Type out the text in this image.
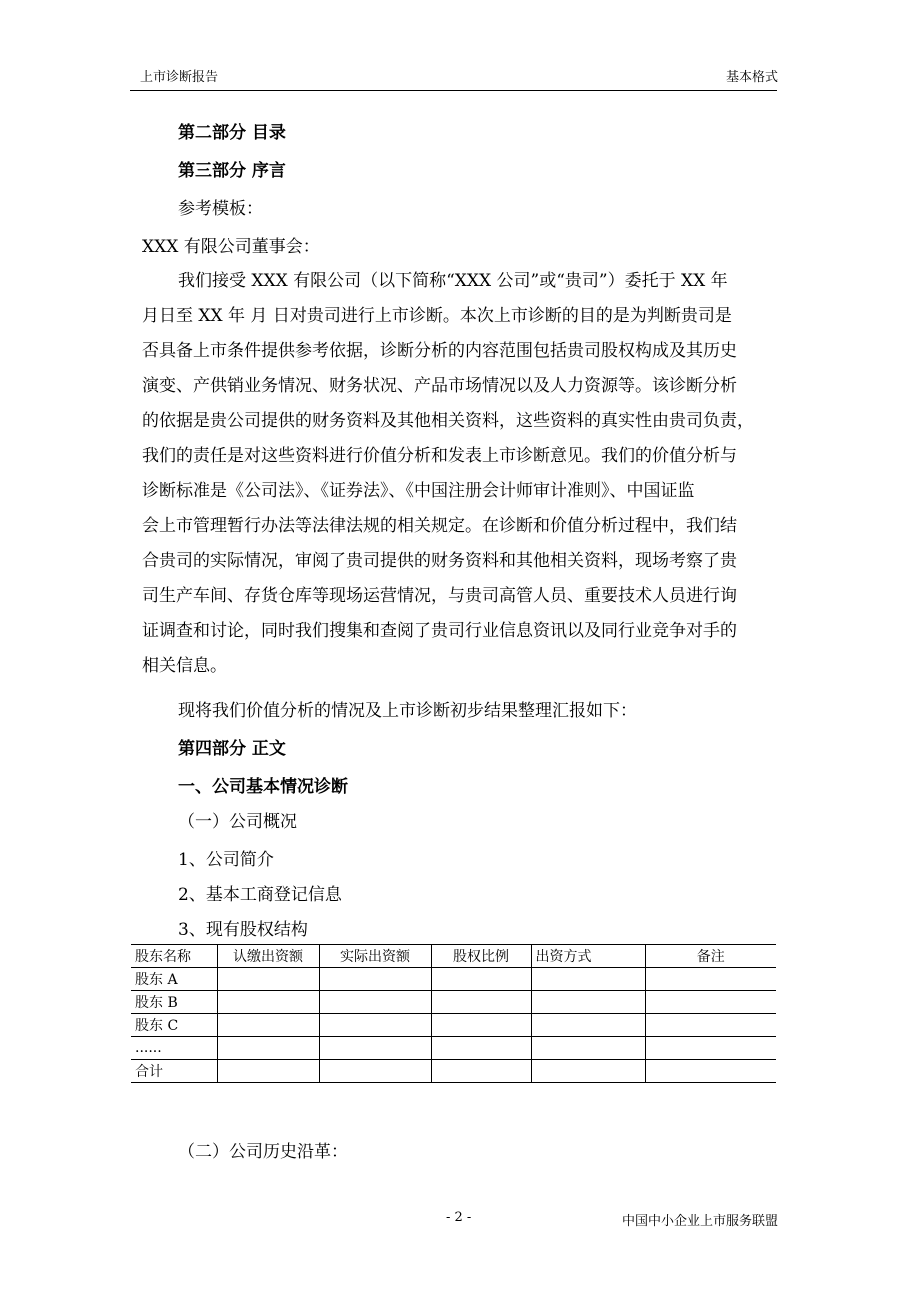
上市诊断报告	基本格式
第二部分 目录
第三部分 序言
参考模板：
XXX 有限公司董事会：
我们接受 XXX 有限公司（以下简称“XXX 公司”或“贵司”）委托于 XX 年
月日至 XX 年 月 日对贵司进行上市诊断。本次上市诊断的目的是为判断贵司是
否具备上市条件提供参考依据，诊断分析的内容范围包括贵司股权构成及其历史
演变、产供销业务情况、财务状况、产品市场情况以及人力资源等。该诊断分析
的依据是贵公司提供的财务资料及其他相关资料，这些资料的真实性由贵司负责，
我们的责任是对这些资料进行价值分析和发表上市诊断意见。我们的价值分析与
诊断标准是《公司法》、《证券法》、《中国注册会计师审计准则》、中国证监
会上市管理暂行办法等法律法规的相关规定。在诊断和价值分析过程中，我们结
合贵司的实际情况，审阅了贵司提供的财务资料和其他相关资料，现场考察了贵
司生产车间、存货仓库等现场运营情况，与贵司高管人员、重要技术人员进行询
证调查和讨论，同时我们搜集和查阅了贵司行业信息资讯以及同行业竞争对手的
相关信息。
现将我们价值分析的情况及上市诊断初步结果整理汇报如下：
第四部分 正文
一、公司基本情况诊断
（一）公司概况
1、公司简介
2、基本工商登记信息
3、现有股权结构
股东名称	认缴出资额	实际出资额	股权比例	出资方式	备注
股东 A					
股东 B					
股东 C					
......					
合计					
（二）公司历史沿革：
- 2 -	中国中小企业上市服务联盟
